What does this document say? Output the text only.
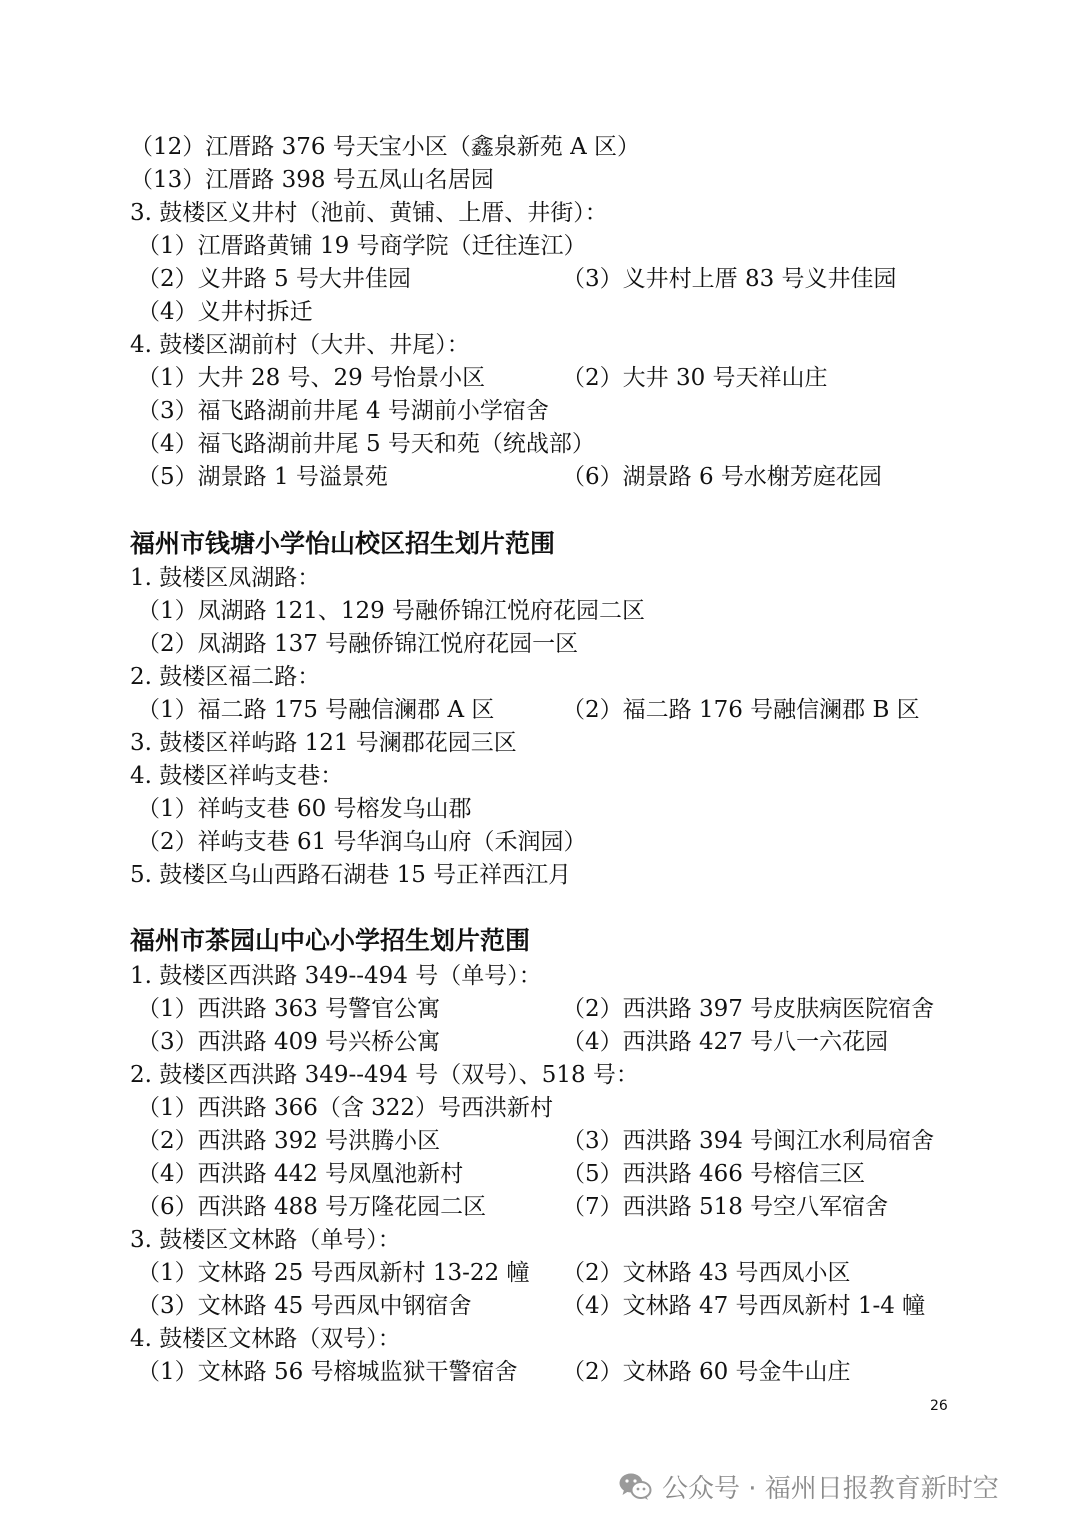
（12）江厝路 376 号天宝小区（鑫泉新苑 A 区）
（13）江厝路 398 号五凤山名居园
3. 鼓楼区义井村（池前、黄铺、上厝、井街）：
（1）江厝路黄铺 19 号商学院（迁往连江）
（2）义井路 5 号大井佳园	（3）义井村上厝 83 号义井佳园
（4）义井村拆迁
4. 鼓楼区湖前村（大井、井尾）：
（1）大井 28 号、29 号怡景小区	（2）大井 30 号天祥山庄
（3）福飞路湖前井尾 4 号湖前小学宿舍
（4）福飞路湖前井尾 5 号天和苑（统战部）
（5）湖景路 1 号溢景苑	（6）湖景路 6 号水榭芳庭花园
福州市钱塘小学怡山校区招生划片范围
1. 鼓楼区凤湖路：
（1）凤湖路 121、129 号融侨锦江悦府花园二区
（2）凤湖路 137 号融侨锦江悦府花园一区
2. 鼓楼区福二路：
（1）福二路 175 号融信澜郡 A 区	（2）福二路 176 号融信澜郡 B 区
3. 鼓楼区祥屿路 121 号澜郡花园三区
4. 鼓楼区祥屿支巷：
（1）祥屿支巷 60 号榕发乌山郡
（2）祥屿支巷 61 号华润乌山府（禾润园）
5. 鼓楼区乌山西路石湖巷 15 号正祥西江月
福州市茶园山中心小学招生划片范围
1. 鼓楼区西洪路 349--494 号（单号）：
（1）西洪路 363 号警官公寓	（2）西洪路 397 号皮肤病医院宿舍
（3）西洪路 409 号兴桥公寓	（4）西洪路 427 号八一六花园
2. 鼓楼区西洪路 349--494 号（双号）、518 号：
（1）西洪路 366（含 322）号西洪新村
（2）西洪路 392 号洪腾小区	（3）西洪路 394 号闽江水利局宿舍
（4）西洪路 442 号凤凰池新村	（5）西洪路 466 号榕信三区
（6）西洪路 488 号万隆花园二区	（7）西洪路 518 号空八军宿舍
3. 鼓楼区文林路（单号）：
（1）文林路 25 号西凤新村 13-22 幢 （2）文林路 43 号西凤小区
（3）文林路 45 号西凤中钢宿舍	（4）文林路 47 号西凤新村 1-4 幢
4. 鼓楼区文林路（双号）：
（1）文林路 56 号榕城监狱干警宿舍 （2）文林路 60 号金牛山庄
26
公众号 · 福州日报教育新时空
